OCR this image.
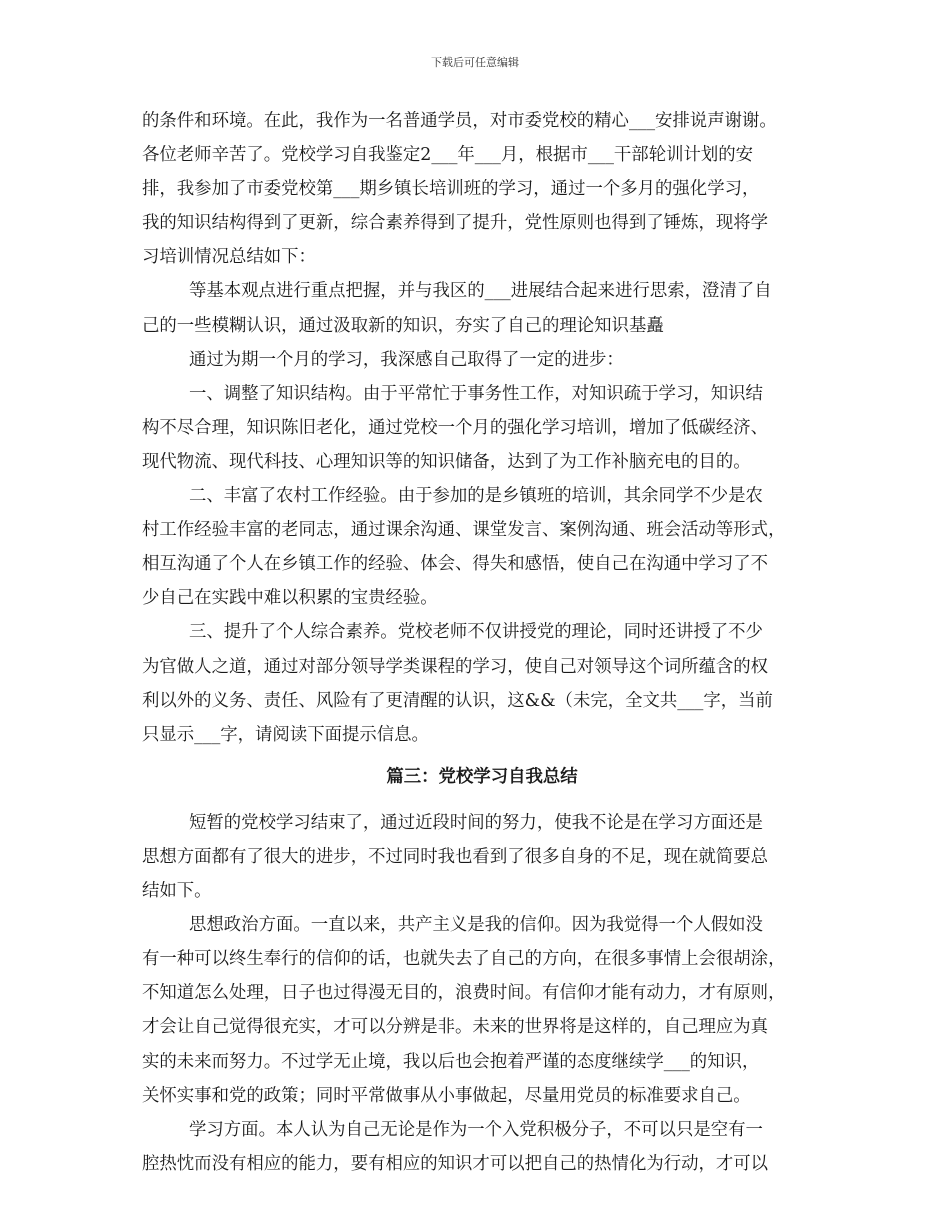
下载后可任意编辑
的条件和环境。在此，我作为一名普通学员，对市委党校的精心___安排说声谢谢。
各位老师辛苦了。党校学习自我鉴定2___年___月，根据市___干部轮训计划的安
排，我参加了市委党校第___期乡镇长培训班的学习，通过一个多月的强化学习，
我的知识结构得到了更新，综合素养得到了提升，党性原则也得到了锤炼，现将学
习培训情况总结如下：
等基本观点进行重点把握，并与我区的___进展结合起来进行思索，澄清了自
己的一些模糊认识，通过汲取新的知识，夯实了自己的理论知识基矗
通过为期一个月的学习，我深感自己取得了一定的进步：
一、调整了知识结构。由于平常忙于事务性工作，对知识疏于学习，知识结
构不尽合理，知识陈旧老化，通过党校一个月的强化学习培训，增加了低碳经济、
现代物流、现代科技、心理知识等的知识储备，达到了为工作补脑充电的目的。
二、丰富了农村工作经验。由于参加的是乡镇班的培训，其余同学不少是农
村工作经验丰富的老同志，通过课余沟通、课堂发言、案例沟通、班会活动等形式，
相互沟通了个人在乡镇工作的经验、体会、得失和感悟，使自己在沟通中学习了不
少自己在实践中难以积累的宝贵经验。
三、提升了个人综合素养。党校老师不仅讲授党的理论，同时还讲授了不少
为官做人之道，通过对部分领导学类课程的学习，使自己对领导这个词所蕴含的权
利以外的义务、责任、风险有了更清醒的认识，这&&（未完，全文共___字，当前
只显示___字，请阅读下面提示信息。
篇三：党校学习自我总结
短暂的党校学习结束了，通过近段时间的努力，使我不论是在学习方面还是
思想方面都有了很大的进步，不过同时我也看到了很多自身的不足，现在就简要总
结如下。
思想政治方面。一直以来，共产主义是我的信仰。因为我觉得一个人假如没
有一种可以终生奉行的信仰的话，也就失去了自己的方向，在很多事情上会很胡涂，
不知道怎么处理，日子也过得漫无目的，浪费时间。有信仰才能有动力，才有原则，
才会让自己觉得很充实，才可以分辨是非。未来的世界将是这样的，自己理应为真
实的未来而努力。不过学无止境，我以后也会抱着严谨的态度继续学___的知识，
关怀实事和党的政策；同时平常做事从小事做起，尽量用党员的标准要求自己。
学习方面。本人认为自己无论是作为一个入党积极分子，不可以只是空有一
腔热忱而没有相应的能力，要有相应的知识才可以把自己的热情化为行动，才可以
